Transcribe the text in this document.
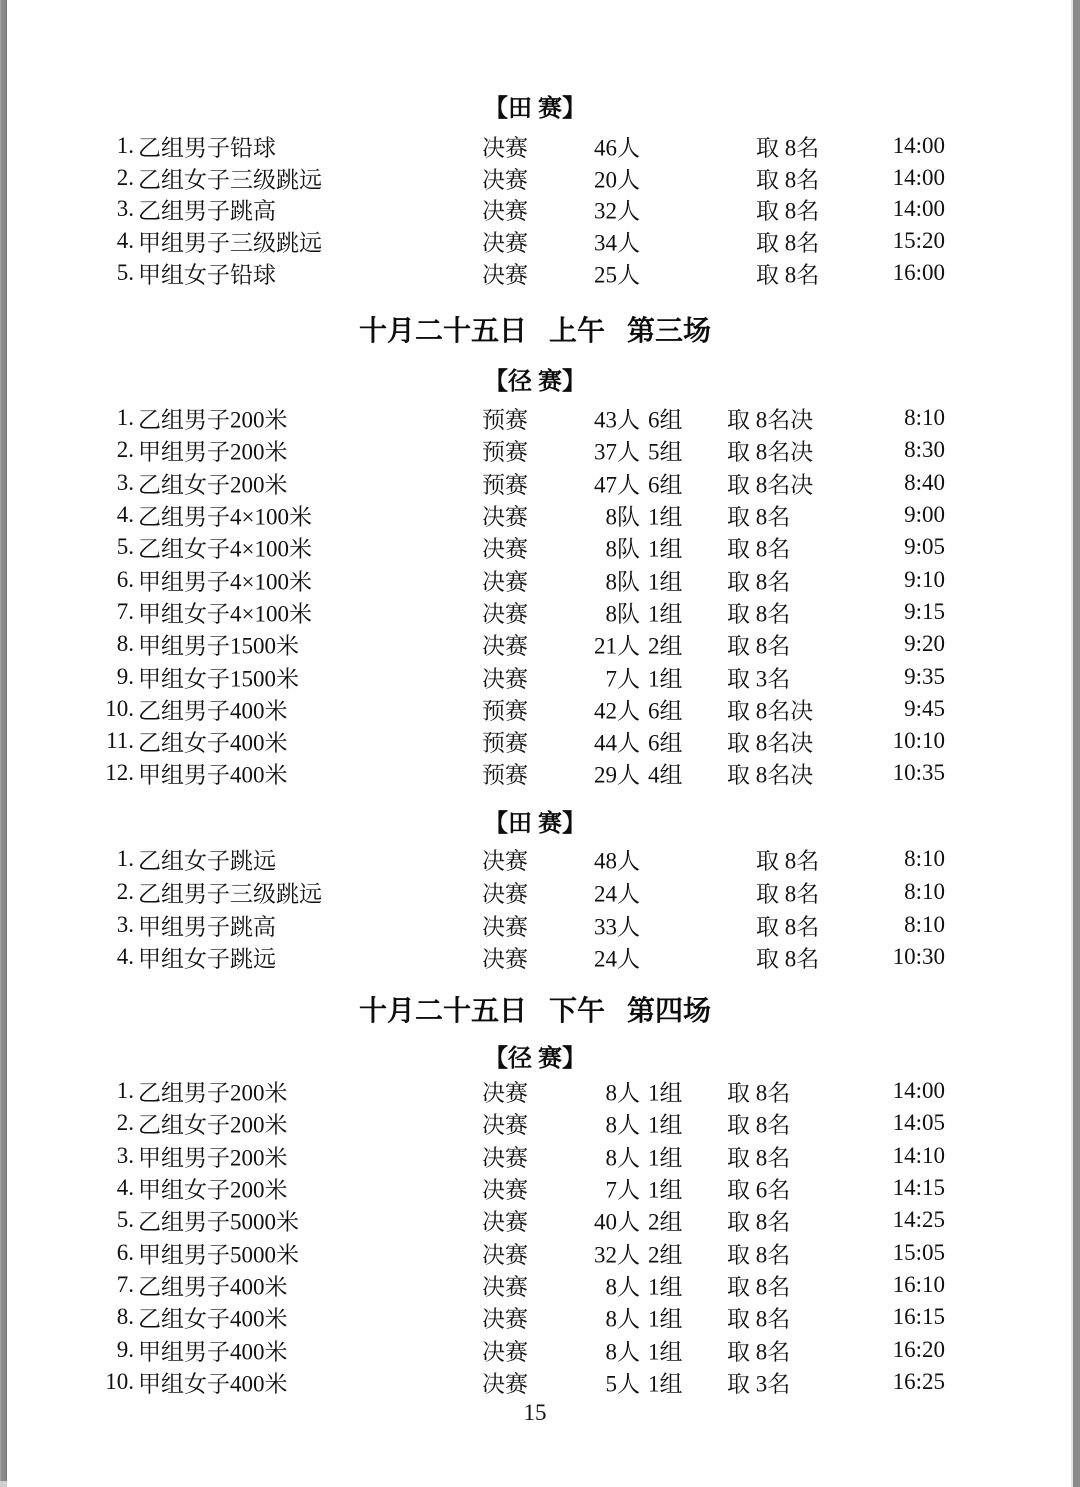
【田 赛】
1. 乙组男子铅球	决赛	46人	取 8名	14:00
2. 乙组女子三级跳远	决赛	20人	取 8名	14:00
3. 乙组男子跳高	决赛	32人	取 8名	14:00
4. 甲组男子三级跳远	决赛	34人	取 8名	15:20
5. 甲组女子铅球	决赛	25人	取 8名	16:00
十月二十五日 上午 第三场
【径 赛】
1. 乙组男子200米	预赛	43人 6组 取 8名决	8:10
2. 甲组男子200米	预赛	37人 5组 取 8名决	8:30
3. 乙组女子200米	预赛	47人 6组 取 8名决	8:40
4. 乙组男子4×100米	决赛	8队 1组 取 8名	9:00
5. 乙组女子4×100米	决赛	8队 1组 取 8名	9:05
6. 甲组男子4×100米	决赛	8队 1组 取 8名	9:10
7. 甲组女子4×100米	决赛	8队 1组 取 8名	9:15
8. 甲组男子1500米	决赛	21人 2组 取 8名	9:20
9. 甲组女子1500米	决赛	7人 1组 取 3名	9:35
10. 乙组男子400米	预赛	42人 6组 取 8名决	9:45
11. 乙组女子400米	预赛	44人 6组 取 8名决	10:10
12. 甲组男子400米	预赛	29人 4组 取 8名决	10:35
【田 赛】
1. 乙组女子跳远	决赛	48人	取 8名	8:10
2. 乙组男子三级跳远	决赛	24人	取 8名	8:10
3. 甲组男子跳高	决赛	33人	取 8名	8:10
4. 甲组女子跳远	决赛	24人	取 8名	10:30
十月二十五日 下午 第四场
【径 赛】
1. 乙组男子200米	决赛	8人 1组 取 8名	14:00
2. 乙组女子200米	决赛	8人 1组 取 8名	14:05
3. 甲组男子200米	决赛	8人 1组 取 8名	14:10
4. 甲组女子200米	决赛	7人 1组 取 6名	14:15
5. 乙组男子5000米	决赛	40人 2组 取 8名	14:25
6. 甲组男子5000米	决赛	32人 2组 取 8名	15:05
7. 乙组男子400米	决赛	8人 1组 取 8名	16:10
8. 乙组女子400米	决赛	8人 1组 取 8名	16:15
9. 甲组男子400米	决赛	8人 1组 取 8名	16:20
10. 甲组女子400米	决赛	5人 1组 取 3名	16:25
15
